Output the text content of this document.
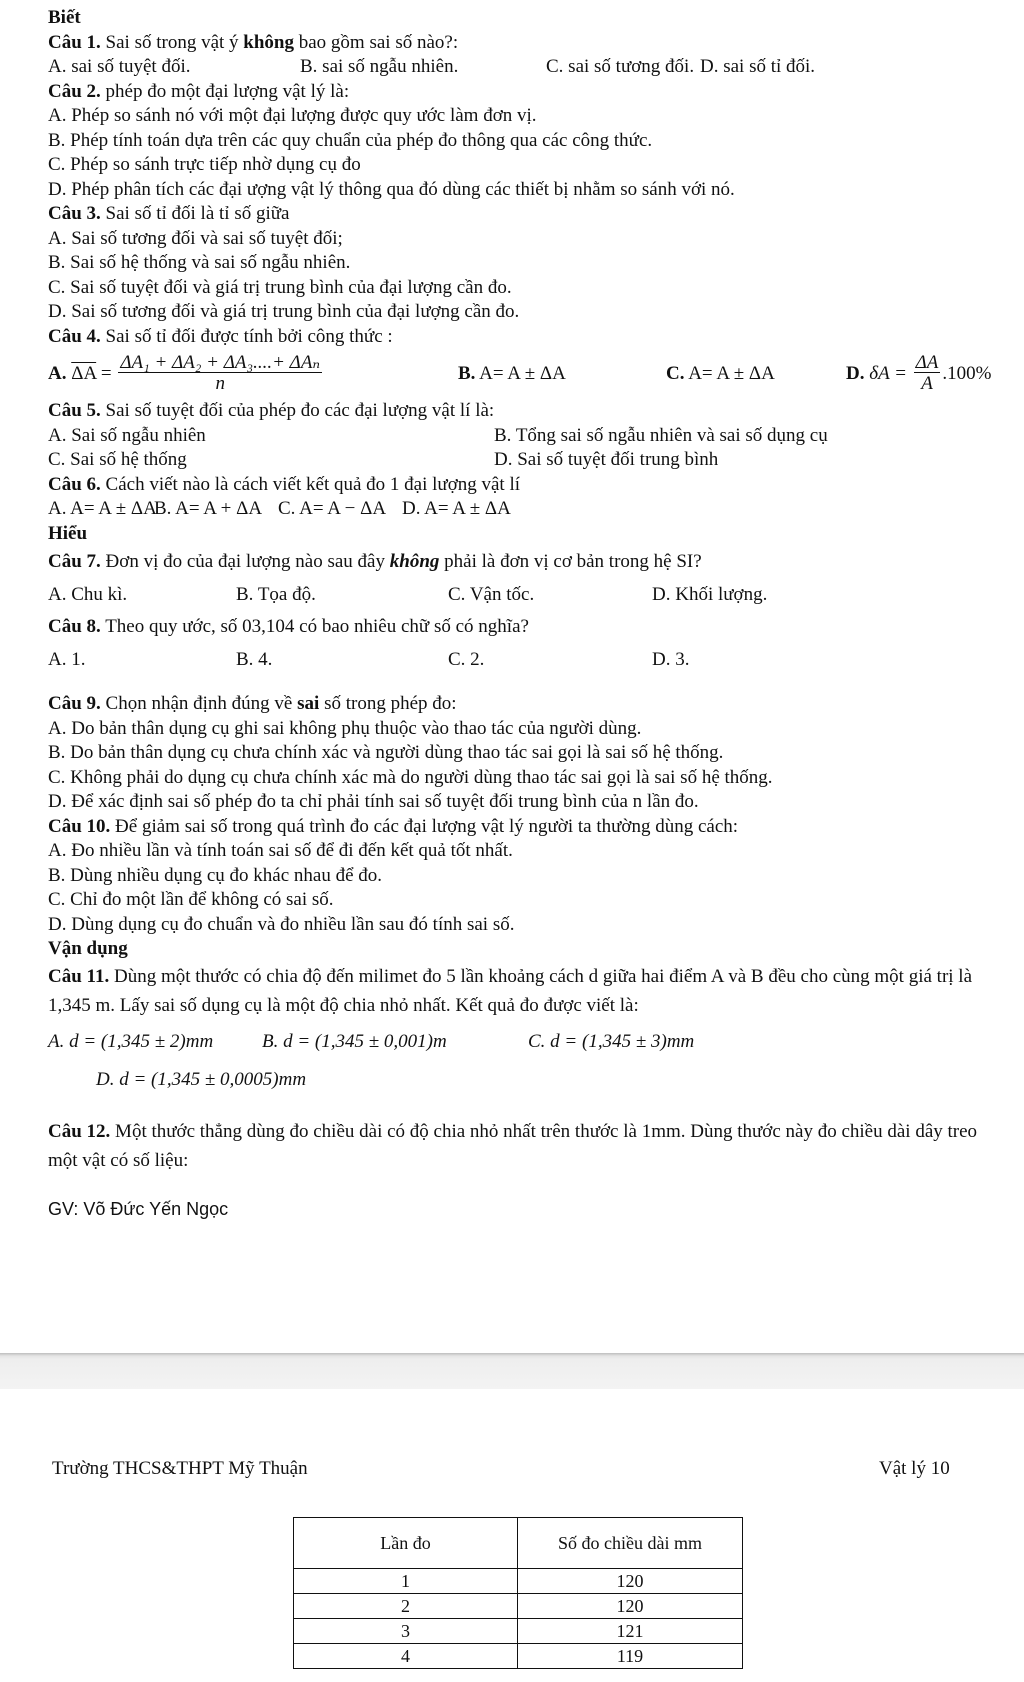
Biết
Câu 1. Sai số trong vật ý không bao gồm sai số nào?:
A. sai số tuyệt đối.	B. sai số ngẫu nhiên.	C. sai số tương đối. D. sai số tỉ đối.
Câu 2. phép đo một đại lượng vật lý là:
A. Phép so sánh nó với một đại lượng được quy ước làm đơn vị.
B. Phép tính toán dựa trên các quy chuẩn của phép đo thông qua các công thức.
C. Phép so sánh trực tiếp nhờ dụng cụ đo
D. Phép phân tích các đại ượng vật lý thông qua đó dùng các thiết bị nhằm so sánh với nó.
Câu 3. Sai số tỉ đối là tỉ số giữa
A. Sai số tương đối và sai số tuyệt đối;
B. Sai số hệ thống và sai số ngẫu nhiên.
C. Sai số tuyệt đối và giá trị trung bình của đại lượng cần đo.
D. Sai số tương đối và giá trị trung bình của đại lượng cần đo.
Câu 4. Sai số tỉ đối được tính bởi công thức :
A. $\overline{\Delta A} = \frac{\text{ΔA₁ + ΔA₂ + ΔA₃....+ ΔAₙ}}{n}$	B. A= A ± ΔA	C. A= A ± ΔA	D. $\delta A = \frac{\Delta A}{A} .100\%$
Câu 5. Sai số tuyệt đối của phép đo các đại lượng vật lí là:
A. Sai số ngẫu nhiên	B. Tổng sai số ngẫu nhiên và sai số dụng cụ
C. Sai số hệ thống	D. Sai số tuyệt đối trung bình
Câu 6. Cách viết nào là cách viết kết quả đo 1 đại lượng vật lí
A. A= A ± ΔA
B. A= A + ΔA C. A= A − ΔA D. A= A ± ΔA
Hiểu
Câu 7. Đơn vị đo của đại lượng nào sau đây không phải là đơn vị cơ bản trong hệ SI?
A. Chu kì.	B. Tọa độ.	C. Vận tốc.	D. Khối lượng.
Câu 8. Theo quy ước, số 03,104 có bao nhiêu chữ số có nghĩa?
A. 1.	B. 4.	C. 2.	D. 3.
Câu 9. Chọn nhận định đúng về sai số trong phép đo:
A. Do bản thân dụng cụ ghi sai không phụ thuộc vào thao tác của người dùng.
B. Do bản thân dụng cụ chưa chính xác và người dùng thao tác sai gọi là sai số hệ thống.
C. Không phải do dụng cụ chưa chính xác mà do người dùng thao tác sai gọi là sai số hệ thống.
D. Để xác định sai số phép đo ta chỉ phải tính sai số tuyệt đối trung bình của n lần đo.
Câu 10. Để giảm sai số trong quá trình đo các đại lượng vật lý người ta thường dùng cách:
A. Đo nhiều lần và tính toán sai số để đi đến kết quả tốt nhất.
B. Dùng nhiều dụng cụ đo khác nhau để đo.
C. Chỉ đo một lần để không có sai số.
D. Dùng dụng cụ đo chuẩn và đo nhiều lần sau đó tính sai số.
Vận dụng
Câu 11. Dùng một thước có chia độ đến milimet đo 5 lần khoảng cách d giữa hai điểm A và B đều cho cùng một giá trị là 1,345 m. Lấy sai số dụng cụ là một độ chia nhỏ nhất. Kết quả đo được viết là:
A. d = (1,345 ± 2)mm	B. d = (1,345 ± 0,001)m	C. d = (1,345 ± 3)mm
D. d = (1,345 ± 0,0005)mm
Câu 12. Một thước thẳng dùng đo chiều dài có độ chia nhỏ nhất trên thước là 1mm. Dùng thước này đo chiều dài dây treo một vật có số liệu:
GV: Võ Đức Yến Ngọc
Trường THCS&THPT Mỹ Thuận	Vật lý 10
Lần đo	Số đo chiều dài mm
1	120
2	120
3	121
4	119
